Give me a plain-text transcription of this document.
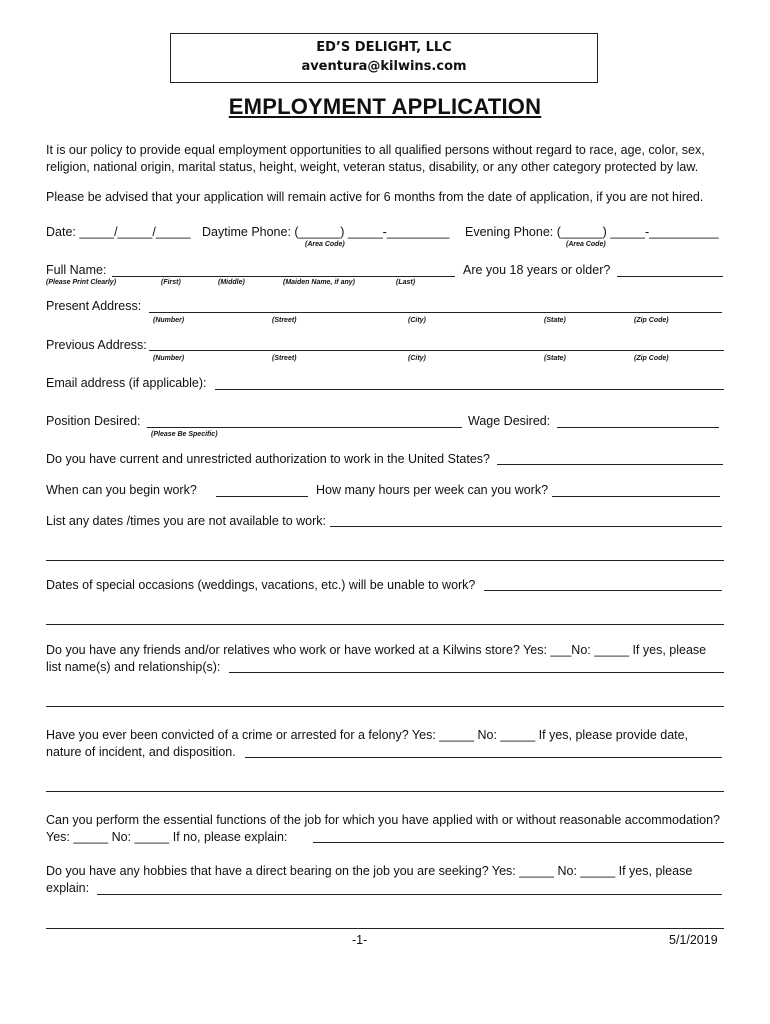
ED’S DELIGHT, LLC
aventura@kilwins.com
EMPLOYMENT APPLICATION
It is our policy to provide equal employment opportunities to all qualified persons without regard to race, age, color, sex,
religion, national origin, marital status, height, weight, veteran status, disability, or any other category protected by law.
Please be advised that your application will remain active for 6 months from the date of application, if you are not hired.
Date: _____/_____/_____ Daytime Phone: (______) _____-_________ Evening Phone: (______) _____-__________
(Area Code)	(Area Code)
Full Name:	Are you 18 years or older?
(Please Print Clearly)	(First)	(Middle)	(Maiden Name, if any)	(Last)
Present Address:
(Number)	(Street)	(City)	(State)	(Zip Code)
Previous Address:
(Number)	(Street)	(City)	(State)	(Zip Code)
Email address (if applicable):
Position Desired:
(Please Be Specific)
Wage Desired:
Do you have current and unrestricted authorization to work in the United States?
When can you begin work?	How many hours per week can you work?
List any dates /times you are not available to work:
Dates of special occasions (weddings, vacations, etc.) will be unable to work?
Do you have any friends and/or relatives who work or have worked at a Kilwins store? Yes: ___No: _____ If yes, please
list name(s) and relationship(s):
Have you ever been convicted of a crime or arrested for a felony? Yes: _____ No: _____ If yes, please provide date,
nature of incident, and disposition.
Can you perform the essential functions of the job for which you have applied with or without reasonable accommodation?
Yes: _____ No: _____ If no, please explain:
Do you have any hobbies that have a direct bearing on the job you are seeking? Yes: _____ No: _____ If yes, please
explain:
-1-	5/1/2019
